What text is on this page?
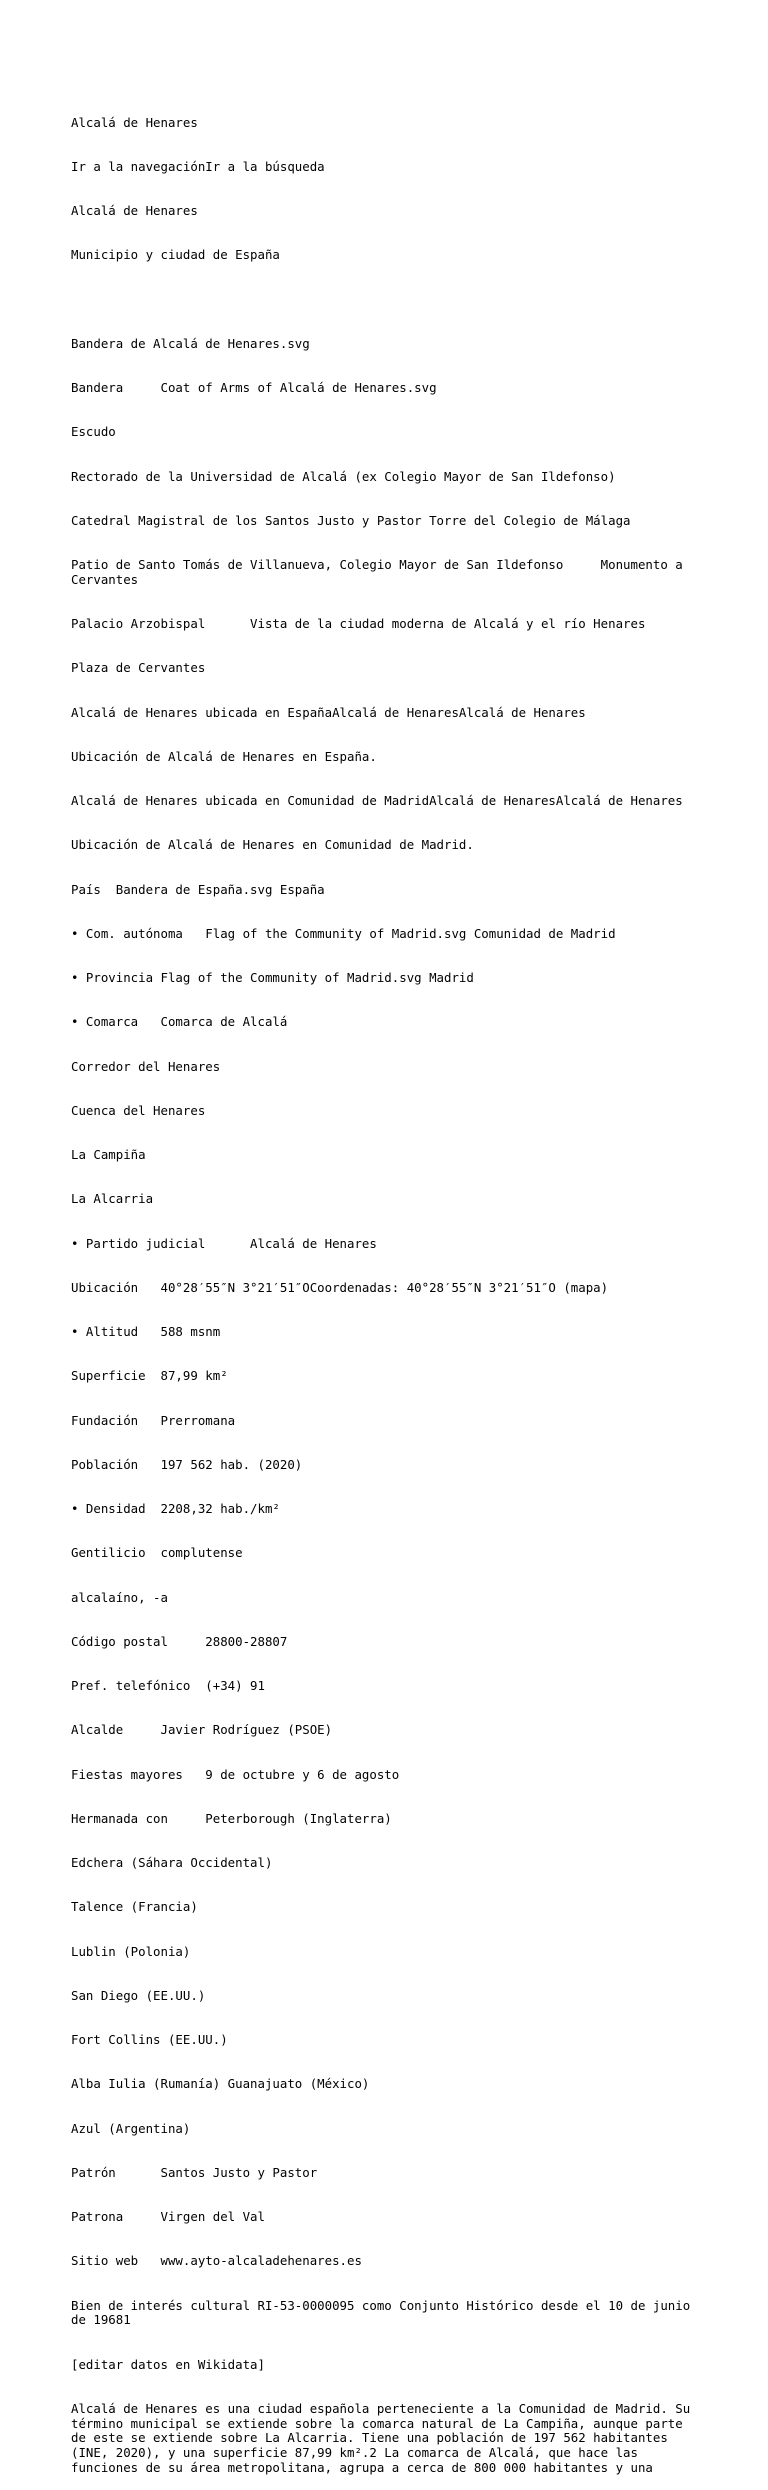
Alcalá de Henares

Ir a la navegaciónIr a la búsqueda

Alcalá de Henares

Municipio y ciudad de España

Bandera de Alcalá de Henares.svg

Bandera     Coat of Arms of Alcalá de Henares.svg

Escudo

Rectorado de la Universidad de Alcalá (ex Colegio Mayor de San Ildefonso)

Catedral Magistral de los Santos Justo y Pastor Torre del Colegio de Málaga

Patio de Santo Tomás de Villanueva, Colegio Mayor de San Ildefonso     Monumento a Cervantes

Palacio Arzobispal      Vista de la ciudad moderna de Alcalá y el río Henares

Plaza de Cervantes

Alcalá de Henares ubicada en EspañaAlcalá de HenaresAlcalá de Henares

Ubicación de Alcalá de Henares en España.

Alcalá de Henares ubicada en Comunidad de MadridAlcalá de HenaresAlcalá de Henares

Ubicación de Alcalá de Henares en Comunidad de Madrid.

País  Bandera de España.svg España

• Com. autónoma   Flag of the Community of Madrid.svg Comunidad de Madrid

• Provincia Flag of the Community of Madrid.svg Madrid

• Comarca   Comarca de Alcalá

Corredor del Henares

Cuenca del Henares

La Campiña

La Alcarria

• Partido judicial      Alcalá de Henares

Ubicación   40°28′55″N 3°21′51″OCoordenadas: 40°28′55″N 3°21′51″O (mapa)

• Altitud   588 msnm

Superficie  87,99 km²

Fundación   Prerromana

Población   197 562 hab. (2020)

• Densidad  2208,32 hab./km²

Gentilicio  complutense

alcalaíno, -a

Código postal     28800-28807

Pref. telefónico  (+34) 91

Alcalde     Javier Rodríguez (PSOE)

Fiestas mayores   9 de octubre y 6 de agosto

Hermanada con     Peterborough (Inglaterra)

Edchera (Sáhara Occidental)

Talence (Francia)

Lublin (Polonia)

San Diego (EE.UU.)

Fort Collins (EE.UU.)

Alba Iulia (Rumanía) Guanajuato (México)

Azul (Argentina)

Patrón      Santos Justo y Pastor

Patrona     Virgen del Val

Sitio web   www.ayto-alcaladehenares.es

Bien de interés cultural RI-53-0000095 como Conjunto Histórico desde el 10 de junio de 19681

[editar datos en Wikidata]

Alcalá de Henares es una ciudad española perteneciente a la Comunidad de Madrid. Su término municipal se extiende sobre la comarca natural de La Campiña, aunque parte de este se extiende sobre La Alcarria. Tiene una población de 197 562 habitantes (INE, 2020), y una superficie 87,99 km².2 La comarca de Alcalá, que hace las funciones de su área metropolitana, agrupa a cerca de 800 000 habitantes y una
